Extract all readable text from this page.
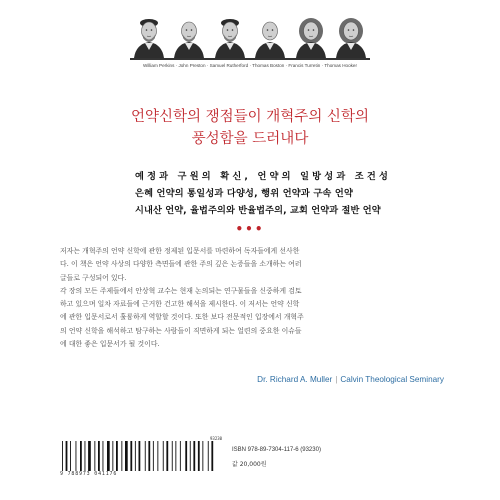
William Perkins · John Preston · Samuel Rutherford · Thomas Boston · Francis Turretin · Thomas Hooker
언약신학의 쟁점들이 개혁주의 신학의
풍성함을 드러내다
예정과 구원의 확신, 언약의 일방성과 조건성
은혜 언약의 통일성과 다양성, 행위 언약과 구속 언약
시내산 언약, 율법주의와 반율법주의, 교회 언약과 절반 언약
•••
저자는 개혁주의 언약 신학에 관한 정제된 입문서를 마련하여 독자들에게 선사한
다. 이 책은 언약 사상의 다양한 측면들에 관한 주의 깊은 논증들을 소개하는 여러
글들로 구성되어 있다.
각 장의 모든 주제들에서 안상혁 교수는 현재 논의되는 연구물들을 신중하게 검토
하고 있으며 일차 자료들에 근거한 건고한 해석을 제시한다. 이 저서는 언약 신학
에 관한 입문서로서 훌륭하게 역할할 것이다. 또한 보다 전문적인 입장에서 개혁주
의 언약 신학을 해석하고 탐구하는 사람들이 직면하게 되는 얼련의 중요한 이슈들
에 대한 좋은 입문서가 될 것이다.
Dr. Richard A. Muller | Calvin Theological Seminary
9 788973 041176
93230
ISBN 978-89-7304-117-6 (93230)
값 20,000원
